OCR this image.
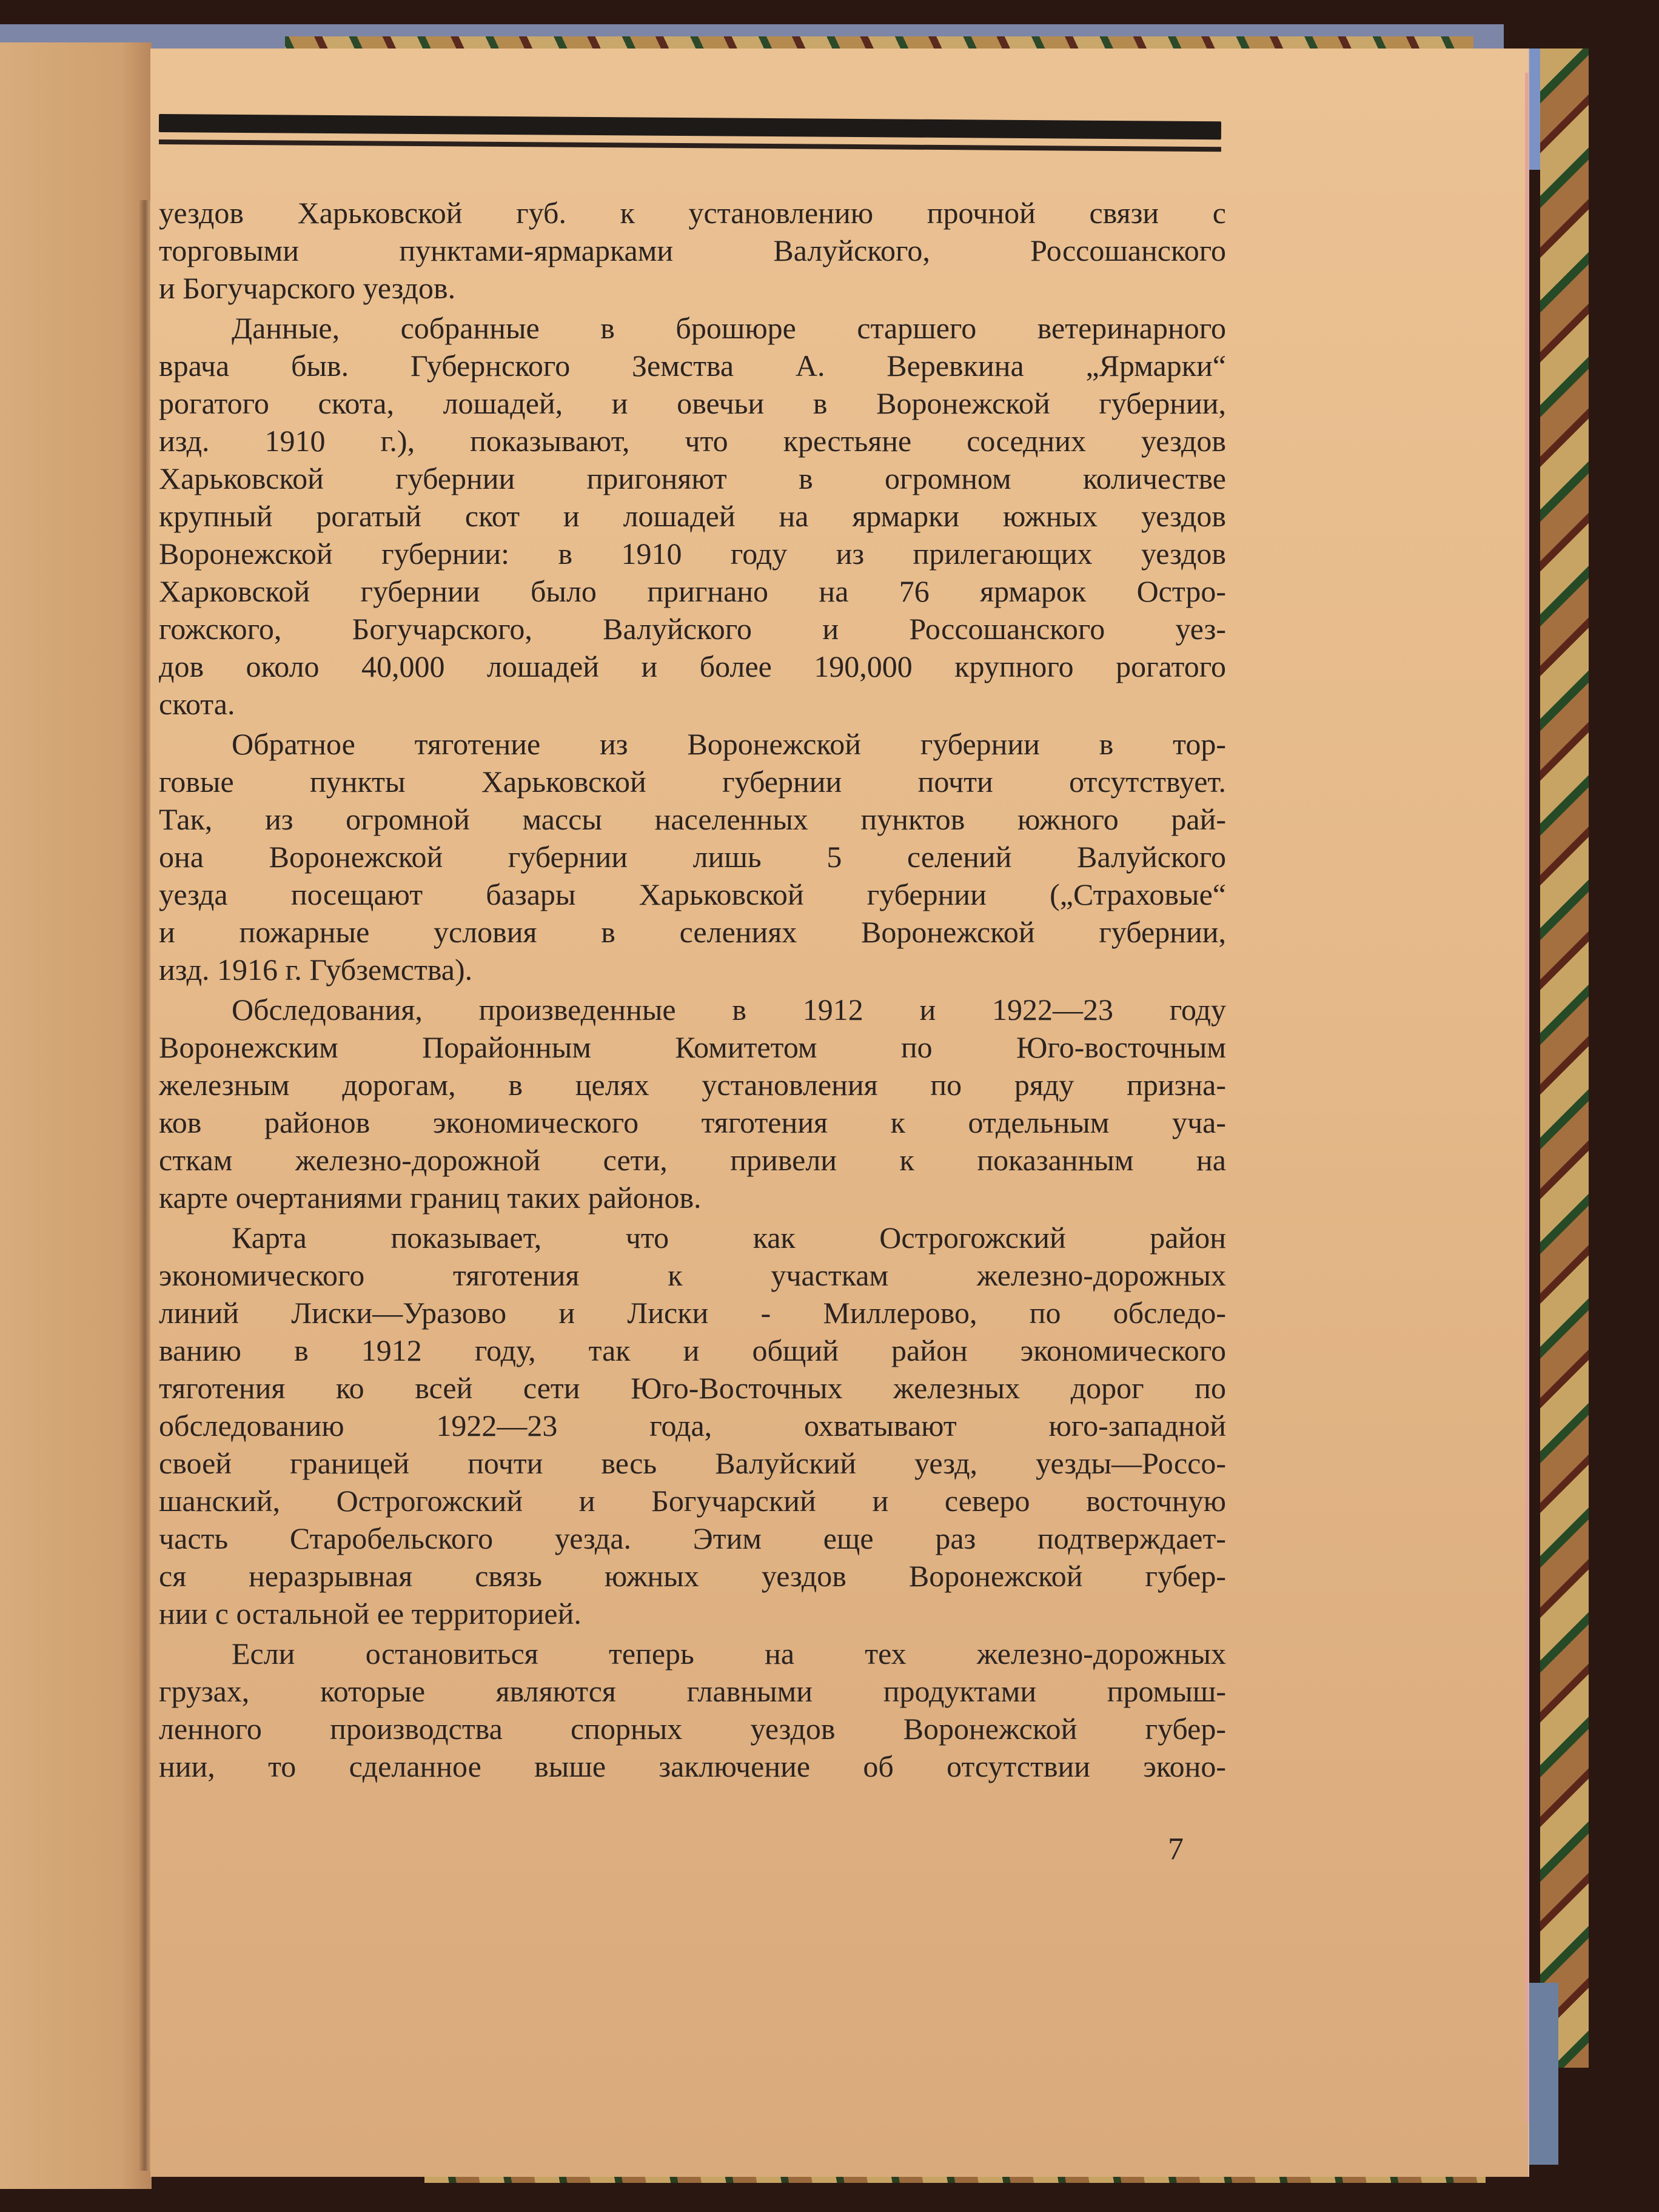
уездов Харьковской губ. к установлению прочной связи с
торговыми пунктами-ярмарками Валуйского, Россошанского
и Богучарского уездов.
Данные, собранные в брошюре старшего ветеринарного
врача быв. Губернского Земства А. Веревкина „Ярмарки“
рогатого скота, лошадей, и овечьи в Воронежской губернии,
изд. 1910 г.), показывают, что крестьяне соседних уездов
Харьковской губернии пригоняют в огромном количестве
крупный рогатый скот и лошадей на ярмарки южных уездов
Воронежской губернии: в 1910 году из прилегающих уездов
Харковской губернии было пригнано на 76 ярмарок Остро-
гожского, Богучарского, Валуйского и Россошанского уез-
дов около 40,000 лошадей и более 190,000 крупного рогатого
скота.
Обратное тяготение из Воронежской губернии в тор-
говые пункты Харьковской губернии почти отсутствует.
Так, из огромной массы населенных пунктов южного рай-
она Воронежской губернии лишь 5 селений Валуйского
уезда посещают базары Харьковской губернии („Страховые“
и пожарные условия в селениях Воронежской губернии,
изд. 1916 г. Губземства).
Обследования, произведенные в 1912 и 1922—23 году
Воронежским Порайонным Комитетом по Юго-восточным
железным дорогам, в целях установления по ряду призна-
ков районов экономического тяготения к отдельным уча-
сткам железно-дорожной сети, привели к показанным на
карте очертаниями границ таких районов.
Карта показывает, что как Острогожский район
экономического тяготения к участкам железно-дорожных
линий Лиски—Уразово и Лиски - Миллерово, по обследо-
ванию в 1912 году, так и общий район экономического
тяготения ко всей сети Юго-Восточных железных дорог по
обследованию 1922—23 года, охватывают юго-западной
своей границей почти весь Валуйский уезд, уезды—Россо-
шанский, Острогожский и Богучарский и северо восточную
часть Старобельского уезда. Этим еще раз подтверждает-
ся неразрывная связь южных уездов Воронежской губер-
нии с остальной ее территорией.
Если остановиться теперь на тех железно-дорожных
грузах, которые являются главными продуктами промыш-
ленного производства спорных уездов Воронежской губер-
нии, то сделанное выше заключение об отсутствии эконо-
7
